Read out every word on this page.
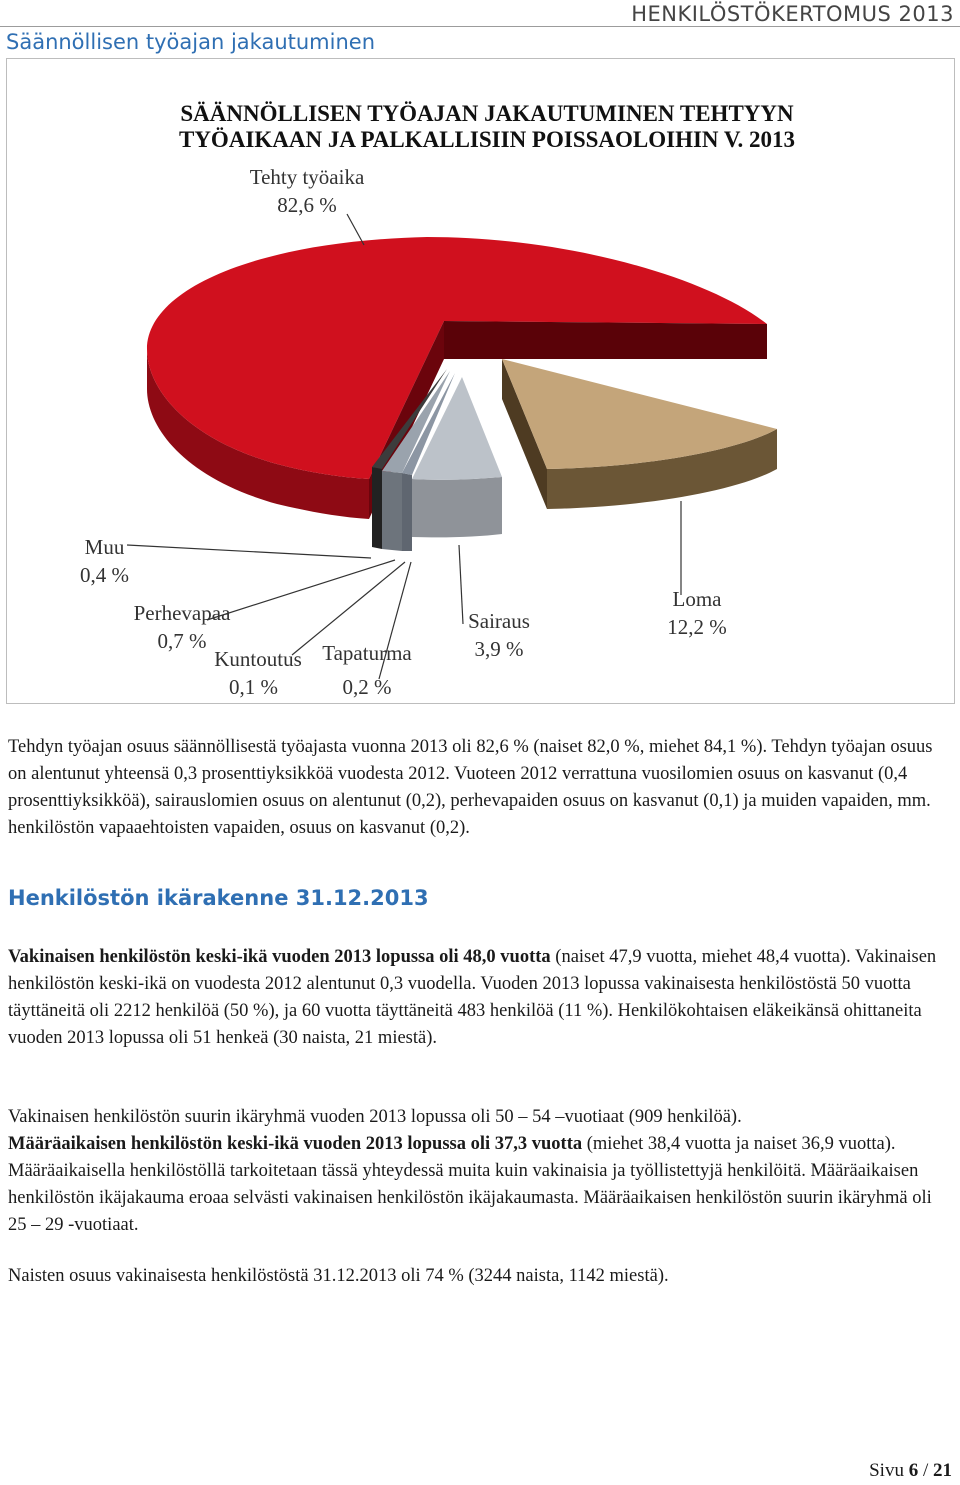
HENKILÖSTÖKERTOMUS 2013
Säännöllisen työajan jakautuminen
SÄÄNNÖLLISEN TYÖAJAN JAKAUTUMINEN TEHTYYN
TYÖAIKAAN JA PALKALLISIIN POISSAOLOIHIN V. 2013
Tehty työaika
82,6 %
Muu
0,4 %
Perhevapaa
0,7 %
Kuntoutus
0,1 %
Tapaturma
0,2 %
Sairaus
3,9 %
Loma
12,2 %

Tehdyn työajan osuus säännöllisestä työajasta vuonna 2013 oli 82,6 % (naiset 82,0 %, miehet 84,1 %). Tehdyn työajan osuus on alentunut yhteensä 0,3 prosenttiyksikköä vuodesta 2012. Vuoteen 2012 verrattuna vuosilomien osuus on kasvanut (0,4 prosenttiyksikköä), sairauslomien osuus on alentunut (0,2), perhevapaiden osuus on kasvanut (0,1) ja muiden vapaiden, mm. henkilöstön vapaaehtoisten vapaiden, osuus on kasvanut (0,2).

Henkilöstön ikärakenne 31.12.2013

Vakinaisen henkilöstön keski-ikä vuoden 2013 lopussa oli 48,0 vuotta (naiset 47,9 vuotta, miehet 48,4 vuotta). Vakinaisen henkilöstön keski-ikä on vuodesta 2012 alentunut 0,3 vuodella. Vuoden 2013 lopussa vakinaisesta henkilöstöstä 50 vuotta täyttäneitä oli 2212 henkilöä (50 %), ja 60 vuotta täyttäneitä 483 henkilöä (11 %). Henkilökohtaisen eläkeikänsä ohittaneita vuoden 2013 lopussa oli 51 henkeä (30 naista, 21 miestä).

Vakinaisen henkilöstön suurin ikäryhmä vuoden 2013 lopussa oli 50 – 54 –vuotiaat (909 henkilöä).

Määräaikaisen henkilöstön keski-ikä vuoden 2013 lopussa oli 37,3 vuotta (miehet 38,4 vuotta ja naiset 36,9 vuotta). Määräaikaisella henkilöstöllä tarkoitetaan tässä yhteydessä muita kuin vakinaisia ja työllistettyjä henkilöitä. Määräaikaisen henkilöstön ikäjakauma eroaa selvästi vakinaisen henkilöstön ikäjakaumasta. Määräaikaisen henkilöstön suurin ikäryhmä oli 25 – 29 -vuotiaat.

Naisten osuus vakinaisesta henkilöstöstä 31.12.2013 oli 74 % (3244 naista, 1142 miestä).

Sivu 6 / 21
